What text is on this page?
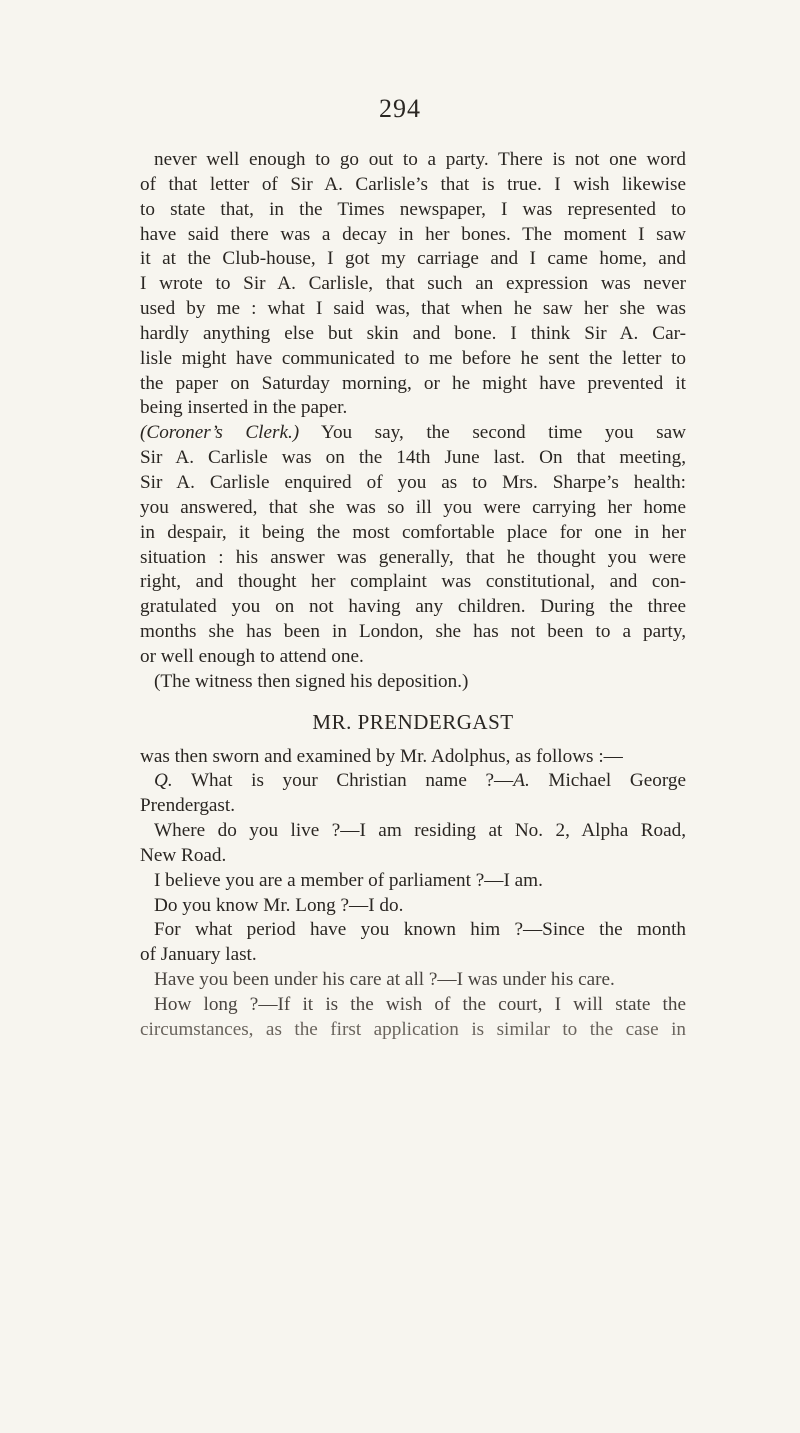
294
never well enough to go out to a party. There is not one word
of that letter of Sir A. Carlisle’s that is true. I wish likewise
to state that, in the Times newspaper, I was represented to
have said there was a decay in her bones. The moment I saw
it at the Club-house, I got my carriage and I came home, and
I wrote to Sir A. Carlisle, that such an expression was never
used by me : what I said was, that when he saw her she was
hardly anything else but skin and bone. I think Sir A. Car-
lisle might have communicated to me before he sent the letter to
the paper on Saturday morning, or he might have prevented it
being inserted in the paper.
(Coroner’s Clerk.) You say, the second time you saw
Sir A. Carlisle was on the 14th June last. On that meeting,
Sir A. Carlisle enquired of you as to Mrs. Sharpe’s health:
you answered, that she was so ill you were carrying her home
in despair, it being the most comfortable place for one in her
situation : his answer was generally, that he thought you were
right, and thought her complaint was constitutional, and con-
gratulated you on not having any children. During the three
months she has been in London, she has not been to a party,
or well enough to attend one.
(The witness then signed his deposition.)
MR. PRENDERGAST
was then sworn and examined by Mr. Adolphus, as follows :—
Q. What is your Christian name ?—A. Michael George
Prendergast.
Where do you live ?—I am residing at No. 2, Alpha Road,
New Road.
I believe you are a member of parliament ?—I am.
Do you know Mr. Long ?—I do.
For what period have you known him ?—Since the month
of January last.
Have you been under his care at all ?—I was under his care.
How long ?—If it is the wish of the court, I will state the
circumstances, as the first application is similar to the case in
